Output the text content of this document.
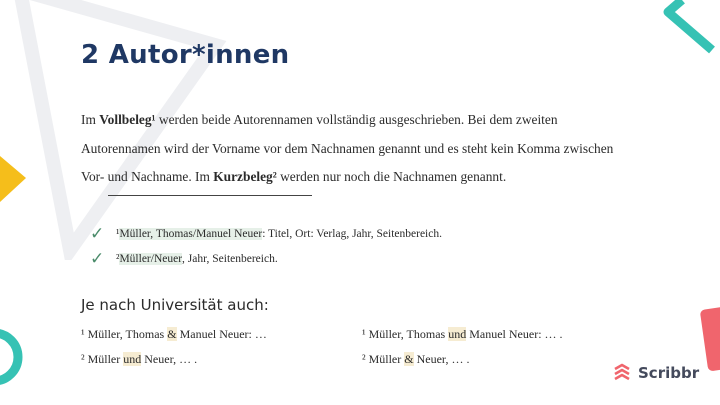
2 Autor*innen

Im Vollbeleg¹ werden beide Autorennamen vollständig ausgeschrieben. Bei dem zweiten Autorennamen wird der Vorname vor dem Nachnamen genannt und es steht kein Komma zwischen Vor- und Nachname. Im Kurzbeleg² werden nur noch die Nachnamen genannt.

✓	¹ Müller, Thomas/Manuel Neuer : Titel, Ort: Verlag, Jahr, Seitenbereich.
✓	² Müller/Neuer , Jahr, Seitenbereich.

Je nach Universität auch:

¹ Müller, Thomas & Manuel Neuer: …	¹ Müller, Thomas und Manuel Neuer: … .
² Müller und Neuer, … .	² Müller & Neuer, … .
Scribbr
